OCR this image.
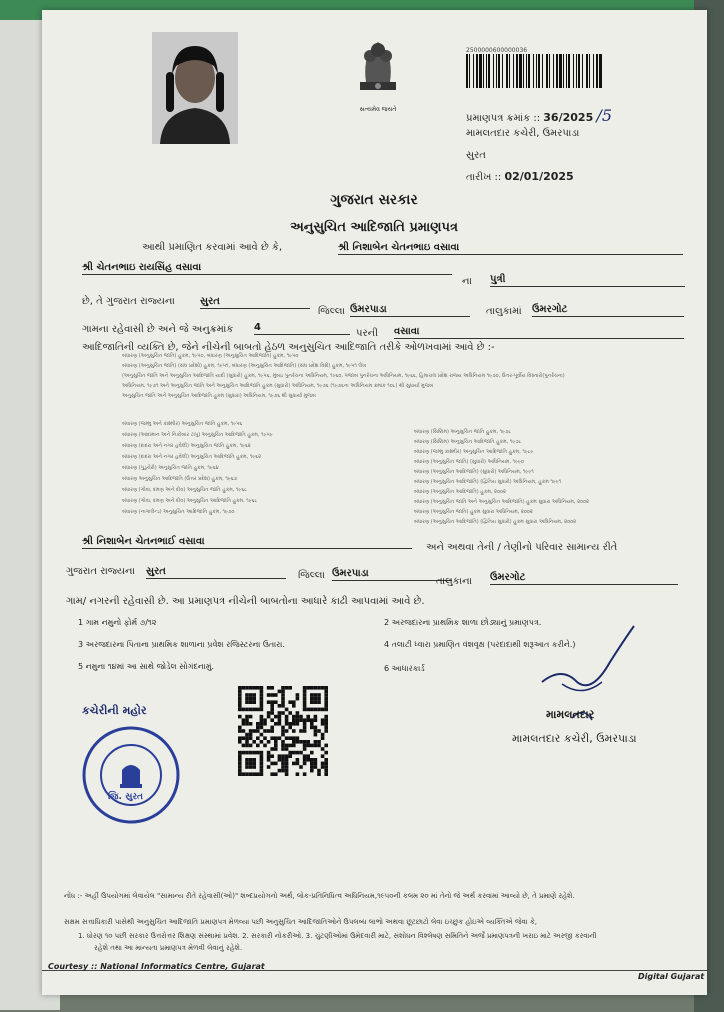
સત્યમેવ જયતે
2500000600000036
પ્રમાણપત્ર ક્રમાંક :: 36/2025 /5
મામલતદાર કચેરી, ઉમરપાડા
સુરત
તારીખ :: 02/01/2025
ગુજરાત સરકાર
અનુસુચિત આદિજાતિ પ્રમાણપત્ર
આથી પ્રમાણિત કરવામાં આવે છે કે,	શ્રી નિશાબેન ચેતનભાઇ વસાવા
શ્રી ચેતનભાઇ રાયસિંહ વસાવા
ના પુત્રી
છે, તે ગુજરાત રાજ્યના	સુરત
જિલ્લા ઉમરપાડા	તાલુકામાં ઉમરગોટ
ગામના રહેવાસી છે અને જે અનુક્રમાંક 4
પરની વસાવા
આદિજાતિની વ્યક્તિ છે, જેને નીચેની બાબતો હેઠળ અનુસુચિત આદિજાતિ તરીકે ઓળખવામાં આવે છે :-
બંધારણ (અનુસુચિત જાતિ) હુકમ, ૧૯૫૦, બંધારણ (અનુસુચિત આદિજાતિ) હુકમ, ૧૯૫૦
બંધારણ (અનુસુચિત જાતિ) (સંઘ પ્રદેશો) હુકમ, ૧૯૫૧, બંધારણ (અનુસુચિત આદિજાતિ) (સંઘ પ્રદેશ વિશે) હુકમ, ૧૯૫૧ લેખ
(અનુસુચિત જાતિ અને અનુસુચિત આદિજાતિ યાદી (સુધારો) હુકમ, ૧૯૫૬, મુંબઇ પુનર્રચના અધિનિયમ, ૧૯૬૦, પંજાબ પુનર્રચના અધિનિયમ, ૧૯૬૬, હિમાચલ પ્રદેશ રાજ્ય અધિનિયમ ૧૯૭૦, ઉત્તર-પૂર્વીય વિસ્તારો(પુનર્રચના)
અધિનિયમ, ૧૯૭૧ અને અનુસુચિત જાતિ અને અનુસુચિત આદિજાતિ હુકમ (સુધારો) અધિનિયમ, ૧૯૭૬ (૧૯૭૬ના અધિનિયમ ક્રમાંક ૧૦૮) થી સુધાર્યા મુજબ
અનુસુચિત જાતિ અને અનુસુચિત આદિજાતિ હુકમ (સુધારા) અધિનિયમ, ૧૯૭૬ થી સુધાર્યા મુજબ
બંધારણ (જમ્મુ અને કાશ્મીર) અનુસુચિત જાતિ હુકમ, ૧૯૫૬
બંધારણ (આંદામાન અને નિકોબાર ટાપુ) અનુસુચિત આદિજાતિ હુકમ, ૧૯૫૯
બંધારણ (દાદરા અને નગર હવેલી) અનુસુચિત જાતિ હુકમ, ૧૯૬૨
બંધારણ (દાદરા અને નગર હવેલી) અનુસુચિત આદિજાતિ હુકમ, ૧૯૬૨
બંધારણ (પુડુચેરી) અનુસુચિત જાતિ હુકમ, ૧૯૬૪
બંધારણ અનુસુચિત આદિજાતિ (ઉત્તર પ્રદેશ) હુકમ, ૧૯૬૭
બંધારણ (ગોવા, દમણ અને દીવ) અનુસુચિત જાતિ હુકમ, ૧૯૬૮
બંધારણ (ગોવા, દમણ અને દીવ) અનુસુચિત આદિજાતિ હુકમ, ૧૯૬૮
બંધારણ (નાગાલેન્ડ) અનુસુચિત આદિજાતિ હુકમ, ૧૯૭૦
બંધારણ (સિક્કિમ) અનુસુચિત જાતિ હુકમ, ૧૯૭૮
બંધારણ (સિક્કિમ) અનુસુચિત આદિજાતિ હુકમ, ૧૯૭૮
બંધારણ (જમ્મુ કાશ્મીર) અનુસુચિત આદિજાતિ હુકમ, ૧૯૮૯
બંધારણ (અનુસુચિત જાતિ) (સુધારો) અધિનિયમ, ૧૯૯૦
બંધારણ (અનુસુચિત આદિજાતિ) (સુધારો) અધિનિયમ, ૧૯૯૧
બંધારણ (અનુસુચિત આદિજાતિ) (દ્વિતિય સુધારો) અધિનિયમ, હુકમ ૧૯૯૧
બંધારણ (અનુસુચિત આદિજાતિ) હુકમ, ૨૦૦૨
બંધારણ (અનુસુચિત જાતિ અને અનુસુચિત આદિજાતિ) હુકમ સુધારા અધિનિયમ, ૨૦૦૨
બંધારણ (અનુસુચિત જાતિ) હુકમ સુધારા અધિનિયમ, ૨૦૦૨
બંધારણ (અનુસુચિત આદિજાતિ) (દ્વિતિય સુધારો) હુકમ સુધારા અધિનિયમ, ૨૦૦૨
શ્રી નિશાબેન ચેતનભાઈ વસાવા
અને અથવા તેની / તેણીનો પરિવાર સામાન્ય રીતે
ગુજરાત રાજ્યના સુરત	જિલ્લા ઉમરપાડા
તાલુકાના ઉમરગોટ
ગામ/ નગરની રહેવાસી છે. આ પ્રમાણપત્ર નીચેની બાબતોના આધારે કાઢી આપવામાં આવે છે.
1 ગામ નમુનો ફોર્મ ૭/૧૨	2 અરજદારના પ્રાથમિક શાળા છોડ્યાનું પ્રમાણપત્ર.
3 અરજદારના પિતાના પ્રાથમિક શાળાના પ્રવેશ રજિસ્ટરના ઉતારા.	4 તલાટી ધ્વારા પ્રમાણિત વંશવૃક્ષ (પરદાદાથી શરૂઆત કરીને.)
5 નમુના ૧૪માં આ સાથે જોડેલ સોગંદનામું.	6 આધારકાર્ડ
મામલતદાર
મામલતદાર કચેરી, ઉમરપાડા
કચેરીની મહોર
જિ. સુરત
નોંધ :- અહીં ઉપયોગમાં લેવાયેલ "સામાન્ય રીતે રહેવાસી(ઓ)" શબ્દપ્રયોગનો અર્થ, લોક-પ્રતિનિધિત્વ અધિનિયમ,૧૯૫૦ની કલમ ૨૦ માં તેનો જે અર્થ કરવામાં આવ્યો છે, તે પ્રમાણે રહેશે.
સક્ષમ સત્તાધિકારી પાસેથી અનુસુચિત આદિજાતિ પ્રમાણપત્ર મેળવ્યા પછી અનુસુચિત આદિજાતિઓને ઉપલબ્ધ લાભો અથવા છૂટછાટો લેવા ઇચ્છુક હોઇએ વ્યક્તિએ જેવા કે,
1. ધોરણ ૧૦ પછી સરકાર ઉત્તરોત્તર શિક્ષણ સંસ્થામાં પ્રવેશ. 2. સરકારી નોકરીઓ. 3. ચુંટણીઓમાં ઉમેદવારી માટે, સંશોધન વિશ્લેષણ સમિતિને અર્જે પ્રમાણપત્રની ખરાઇ માટે અરજી કરવાની
રહેશે તથા આ માન્યતા પ્રમાણપત્ર મેળવી લેવાનું રહેશે.
Courtesy :: National Informatics Centre, Gujarat
Digital Gujarat
